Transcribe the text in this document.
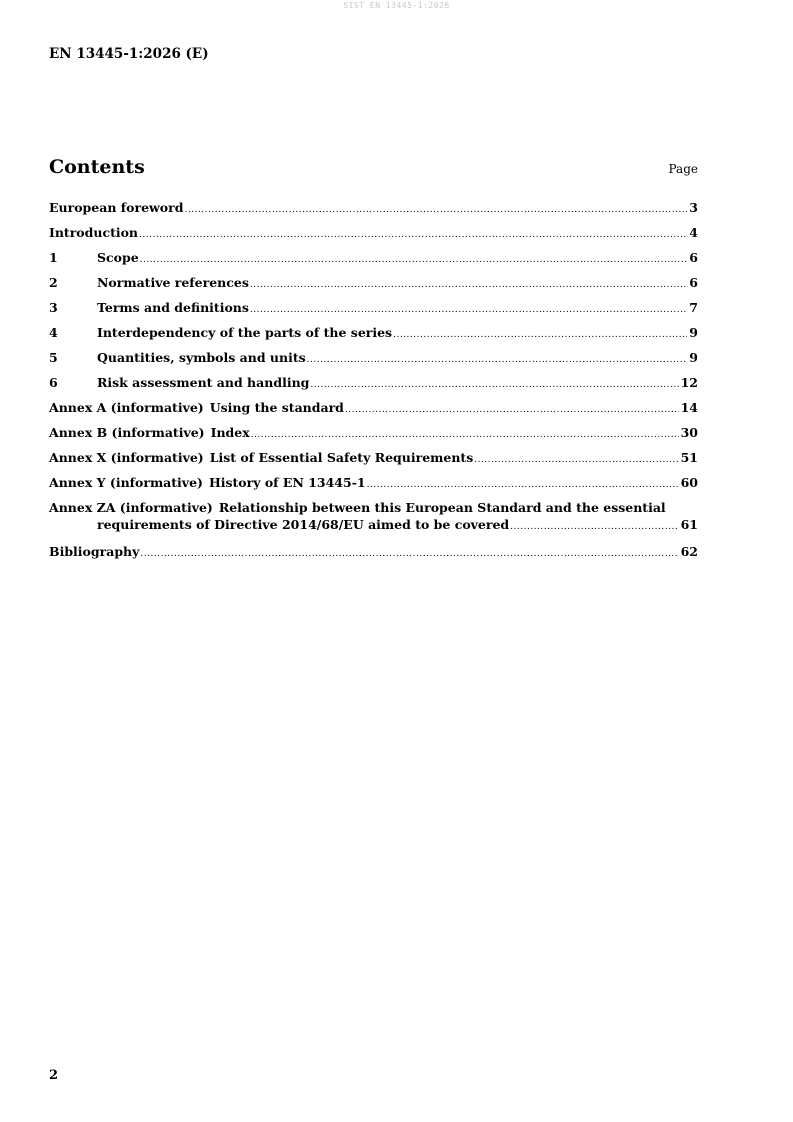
SIST EN 13445-1:2026
EN 13445-1:2026 (E)
Contents	Page
European foreword .....	3
Introduction .....	4
1	Scope .....	6
2	Normative references .....	6
3	Terms and definitions .....	7
4	Interdependency of the parts of the series .....	9
5	Quantities, symbols and units .....	9
6	Risk assessment and handling .....	12
Annex A (informative) Using the standard .....	14
Annex B (informative) Index .....	30
Annex X (informative) List of Essential Safety Requirements .....	51
Annex Y (informative) History of EN 13445-1 .....	60
Annex ZA (informative) Relationship between this European Standard and the essential
requirements of Directive 2014/68/EU aimed to be covered .....	61
Bibliography .....	62
2
